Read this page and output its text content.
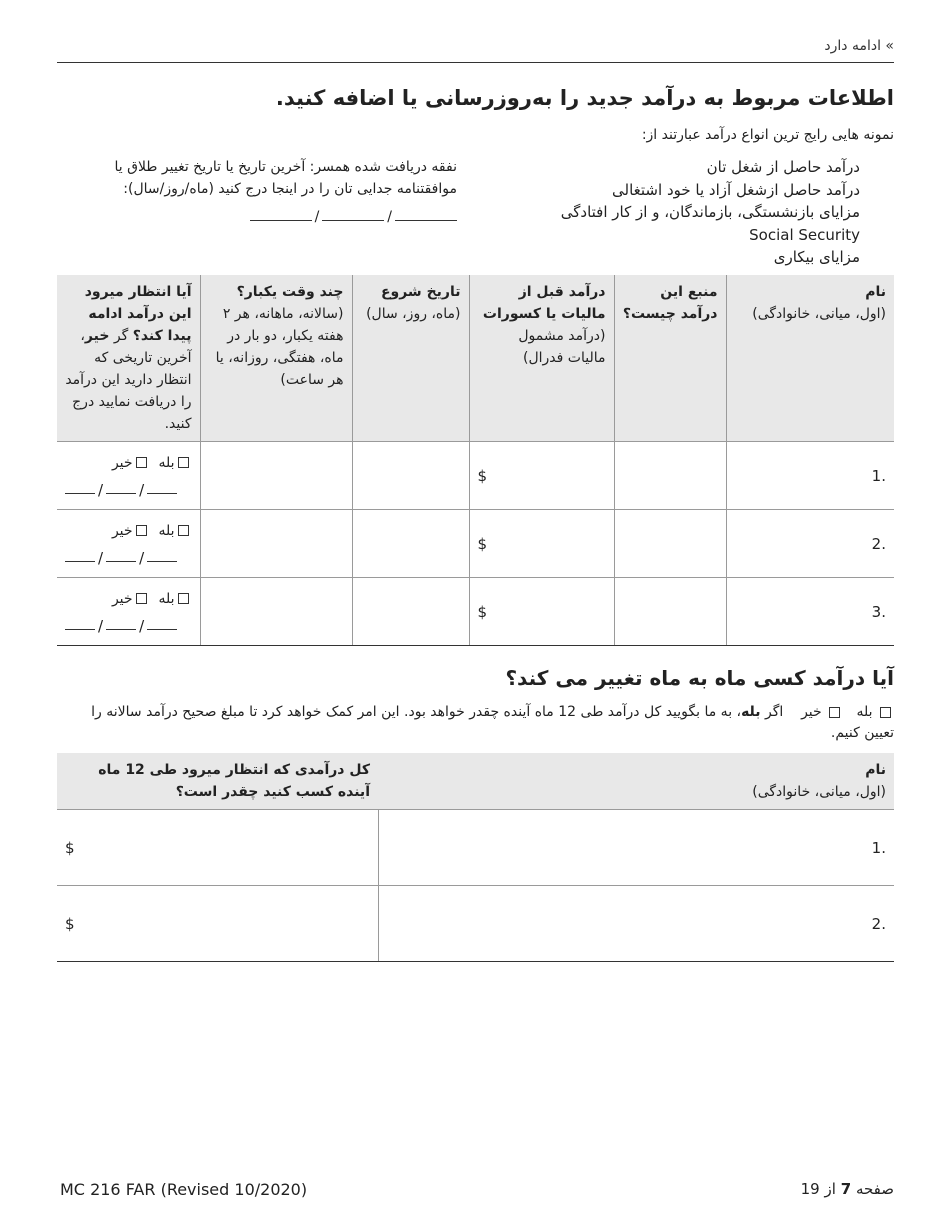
» ادامه دارد
اطلاعات مربوط به درآمد جدید را به‌روزرسانی یا اضافه کنید.
نمونه هایی رایج ترین انواع درآمد عبارتند از:
درآمد حاصل از شغل تان
درآمد حاصل ازشغل آزاد یا خود اشتغالی
مزایای بازنشستگی، بازماندگان، و از کار افتادگی
Social Security
مزایای بیکاری
نفقه دریافت شده همسر: آخرین تاریخ یا تاریخ تغییر طلاق یا موافقتنامه جدایی تان را در اینجا درج کنید (ماه/روز/سال):
/	/
نام
(اول، میانی، خانوادگی)	منبع این درآمد چیست؟	درآمد قبل از مالیات یا کسورات (درآمد مشمول مالیات فدرال)	تاریخ شروع (ماه، روز، سال)	چند وقت یکبار؟
(سالانه، ماهانه، هر ۲ هفته یکبار، دو بار در ماه، هفتگی، روزانه، یا هر ساعت)	آیا انتظار میرود این درآمد ادامه پیدا کند؟ گر خیر، آخرین تاریخی که انتظار دارید این درآمد را دریافت نمایید درج کنید.
.1		$			بله  خیر
/ /

.2		$			بله  خیر
/ /

.3		$			بله  خیر
/ /
آیا درآمد کسی ماه به ماه تغییر می کند؟
بله    خیر    اگر بله، به ما بگویید کل درآمد طی 12 ماه آینده چقدر خواهد بود. این امر کمک خواهد کرد تا مبلغ صحیح درآمد سالانه را تعیین کنیم.
نام
(اول، میانی، خانوادگی)	کل درآمدی که انتظار میرود طی 12 ماه آینده کسب کنید چقدر است؟
.1	$
.2	$
MC 216 FAR (Revised 10/2020)	صفحه 7 از 19
